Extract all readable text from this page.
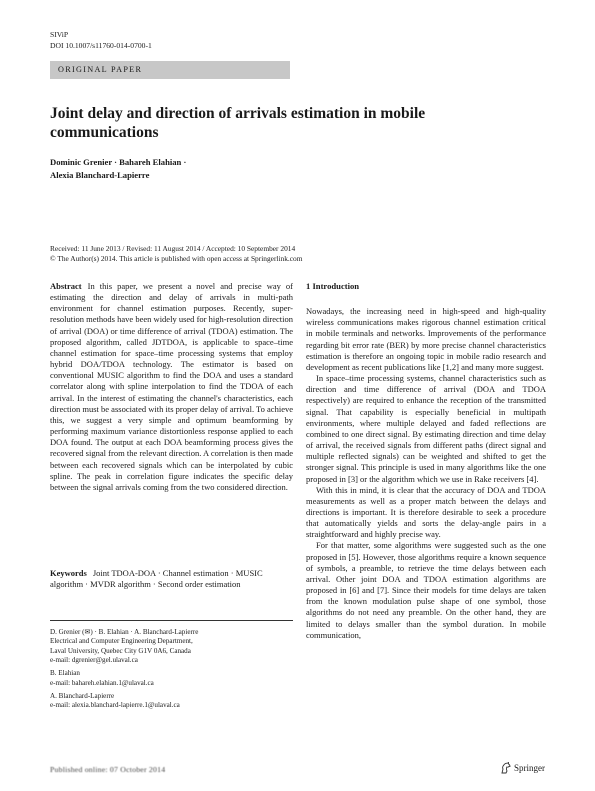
SIViP
DOI 10.1007/s11760-014-0700-1
ORIGINAL PAPER
Joint delay and direction of arrivals estimation in mobile communications
Dominic Grenier · Bahareh Elahian ·
Alexia Blanchard-Lapierre
Received: 11 June 2013 / Revised: 11 August 2014 / Accepted: 10 September 2014
© The Author(s) 2014. This article is published with open access at Springerlink.com
Abstract In this paper, we present a novel and precise way of estimating the direction and delay of arrivals in multi-path environment for channel estimation purposes. Recently, super-resolution methods have been widely used for high-resolution direction of arrival (DOA) or time difference of arrival (TDOA) estimation. The proposed algorithm, called JDTDOA, is applicable to space–time channel estimation for space–time processing systems that employ hybrid DOA/TDOA technology. The estimator is based on conventional MUSIC algorithm to find the DOA and uses a standard correlator along with spline interpolation to find the TDOA of each arrival. In the interest of estimating the channel's characteristics, each direction must be associated with its proper delay of arrival. To achieve this, we suggest a very simple and optimum beamforming by performing maximum variance distortionless response applied to each DOA found. The output at each DOA beamforming process gives the recovered signal from the relevant direction. A correlation is then made between each recovered signals which can be interpolated by cubic spline. The peak in correlation figure indicates the specific delay between the signal arrivals coming from the two considered direction.
Keywords Joint TDOA-DOA · Channel estimation · MUSIC algorithm · MVDR algorithm · Second order estimation
D. Grenier (✉) · B. Elahian · A. Blanchard-Lapierre
Electrical and Computer Engineering Department,
Laval University, Quebec City G1V 0A6, Canada
e-mail: dgrenier@gel.ulaval.ca
B. Elahian
e-mail: bahareh.elahian.1@ulaval.ca
A. Blanchard-Lapierre
e-mail: alexia.blanchard-lapierre.1@ulaval.ca
1 Introduction

Nowadays, the increasing need in high-speed and high-quality wireless communications makes rigorous channel estimation critical in mobile terminals and networks. Improvements of the performance regarding bit error rate (BER) by more precise channel characteristics estimation is therefore an ongoing topic in mobile radio research and development as recent publications like [1,2] and many more suggest.

In space–time processing systems, channel characteristics such as direction and time difference of arrival (DOA and TDOA respectively) are required to enhance the reception of the transmitted signal. That capability is especially beneficial in multipath environments, where multiple delayed and faded reflections are combined to one direct signal. By estimating direction and time delay of arrival, the received signals from different paths (direct signal and multiple reflected signals) can be weighted and shifted to get the stronger signal. This principle is used in many algorithms like the one proposed in [3] or the algorithm which we use in Rake receivers [4].

With this in mind, it is clear that the accuracy of DOA and TDOA measurements as well as a proper match between the delays and directions is important. It is therefore desirable to seek a procedure that automatically yields and sorts the delay-angle pairs in a straightforward and highly precise way.

For that matter, some algorithms were suggested such as the one proposed in [5]. However, those algorithms require a known sequence of symbols, a preamble, to retrieve the time delays between each arrival. Other joint DOA and TDOA estimation algorithms are proposed in [6] and [7]. Since their models for time delays are taken from the known modulation pulse shape of one symbol, those algorithms do not need any preamble. On the other hand, they are limited to delays smaller than the symbol duration. In mobile communication,

Published online: 07 October 2014	Springer
